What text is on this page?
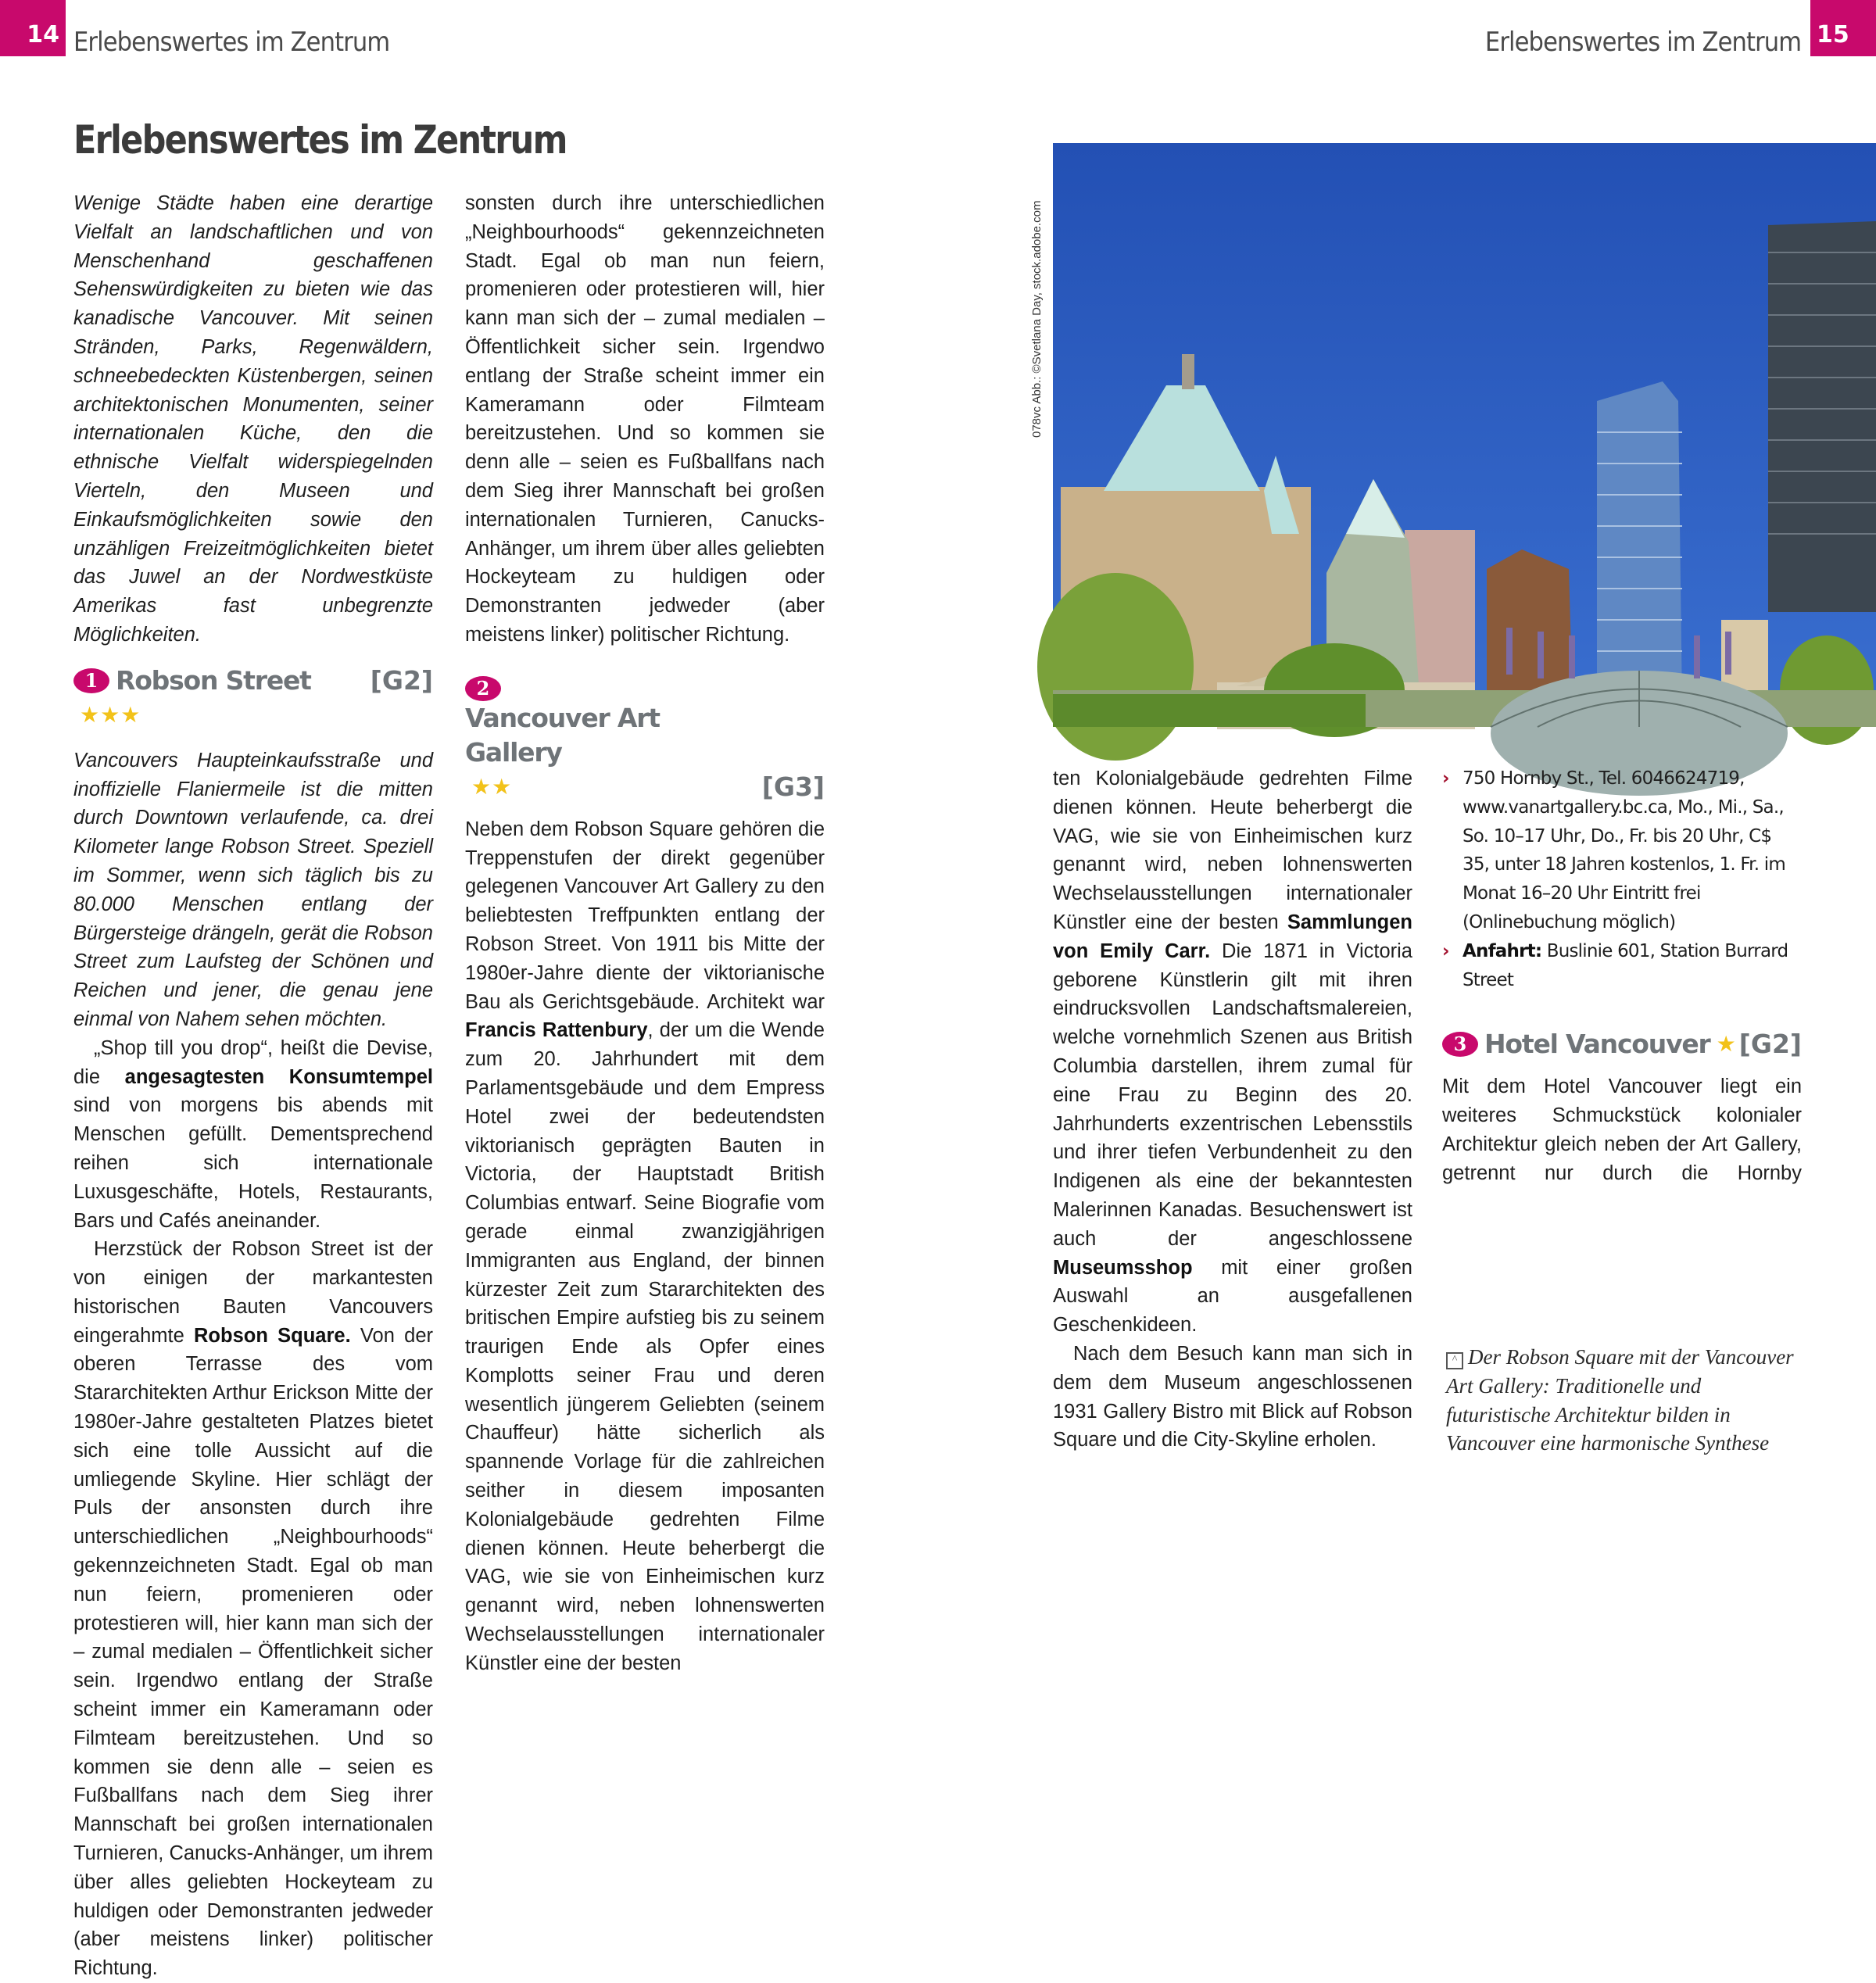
14 Erlebenswertes im Zentrum	Erlebenswertes im Zentrum 15
Erlebenswertes im Zentrum

Wenige Städte haben eine derartige Vielfalt an landschaftlichen und von Menschenhand geschaffenen Sehenswürdigkeiten zu bieten wie das kanadische Vancouver. Mit seinen Stränden, Parks, Regenwäldern, schneebedeckten Küstenbergen, seinen architektonischen Monumenten, seiner internationalen Küche, den die ethnische Vielfalt widerspiegelnden Vierteln, den Museen und Einkaufsmöglichkeiten sowie den unzähligen Freizeitmöglichkeiten bietet das Juwel an der Nordwestküste Amerikas fast unbegrenzte Möglichkeiten.

1 Robson Street
★★★
[G2]

Vancouvers Haupteinkaufsstraße und inoffizielle Flaniermeile ist die mitten durch Downtown verlaufende, ca. drei Kilometer lange Robson Street. Speziell im Sommer, wenn sich täglich bis zu 80.000 Menschen entlang der Bürgersteige drängeln, gerät die Robson Street zum Laufsteg der Schönen und Reichen und jener, die genau jene einmal von Nahem sehen möchten.

„Shop till you drop“, heißt die Devise, die angesagtesten Konsumtempel sind von morgens bis abends mit Menschen gefüllt. Dementsprechend reihen sich internationale Luxusgeschäfte, Hotels, Restaurants, Bars und Cafés aneinander.

Herzstück der Robson Street ist der von einigen der markantesten historischen Bauten Vancouvers eingerahmte Robson Square. Von der oberen Terrasse des vom Stararchitekten Arthur Erickson Mitte der 1980er-Jahre gestalteten Platzes bietet sich eine tolle Aussicht auf die umliegende Skyline. Hier schlägt der Puls der ansonsten durch ihre unterschiedlichen „Neighbourhoods“ gekennzeichneten Stadt. Egal ob man nun feiern, promenieren oder protestieren will, hier kann man sich der – zumal medialen – Öffentlichkeit sicher sein. Irgendwo entlang der Straße scheint immer ein Kameramann oder Filmteam bereitzustehen. Und so kommen sie denn alle – seien es Fußballfans nach dem Sieg ihrer Mannschaft bei großen internationalen Turnieren, Canucks-Anhänger, um ihrem über alles geliebten Hockeyteam zu huldigen oder Demonstranten jedweder (aber meistens linker) politischer Richtung.

sonsten durch ihre unterschiedlichen „Neighbourhoods“ gekennzeichneten Stadt. Egal ob man nun feiern, promenieren oder protestieren will, hier kann man sich der – zumal medialen – Öffentlichkeit sicher sein. Irgendwo entlang der Straße scheint immer ein Kameramann oder Filmteam bereitzustehen. Und so kommen sie denn alle – seien es Fußballfans nach dem Sieg ihrer Mannschaft bei großen internationalen Turnieren, Canucks-Anhänger, um ihrem über alles geliebten Hockeyteam zu huldigen oder Demonstranten jedweder (aber meistens linker) politischer Richtung.

2
Vancouver Art Gallery
★★	[G3]

Neben dem Robson Square gehören die Treppenstufen der direkt gegenüber gelegenen Vancouver Art Gallery zu den beliebtesten Treffpunkten entlang der Robson Street. Von 1911 bis Mitte der 1980er-Jahre diente der viktorianische Bau als Gerichtsgebäude. Architekt war Francis Rattenbury, der um die Wende zum 20. Jahrhundert mit dem Parlamentsgebäude und dem Empress Hotel zwei der bedeutendsten viktorianisch geprägten Bauten in Victoria, der Hauptstadt British Columbias entwarf. Seine Biografie vom gerade einmal zwanzigjährigen Immigranten aus England, der binnen kürzester Zeit zum Stararchitekten des britischen Empire aufstieg bis zu seinem traurigen Ende als Opfer eines Komplotts seiner Frau und deren wesentlich jüngerem Geliebten (seinem Chauffeur) hätte sicherlich als spannende Vorlage für die zahlreichen seither in diesem imposanten Kolonialgebäude gedrehten Filme dienen können. Heute beherbergt die VAG, wie sie von Einheimischen kurz genannt wird, neben lohnenswerten Wechselausstellungen internationaler Künstler eine der besten

078vc Abb.: ©Svetlana Day, stock.adobe.com

ten Kolonialgebäude gedrehten Filme dienen können. Heute beherbergt die VAG, wie sie von Einheimischen kurz genannt wird, neben lohnenswerten Wechselausstellungen internationaler Künstler eine der besten Sammlungen von Emily Carr. Die 1871 in Victoria geborene Künstlerin gilt mit ihren eindrucksvollen Landschaftsmalereien, welche vornehmlich Szenen aus British Columbia darstellen, ihrem zumal für eine Frau zu Beginn des 20. Jahrhunderts exzentrischen Lebensstils und ihrer tiefen Verbundenheit zu den Indigenen als eine der bekanntesten Malerinnen Kanadas. Besuchenswert ist auch der angeschlossene Museumsshop mit einer großen Auswahl an ausgefallenen Geschenkideen.

Nach dem Besuch kann man sich in dem dem Museum angeschlossenen 1931 Gallery Bistro mit Blick auf Robson Square und die City-Skyline erholen.

› 750 Hornby St., Tel. 6046624719, www.vanartgallery.bc.ca, Mo., Mi., Sa., So. 10–17 Uhr, Do., Fr. bis 20 Uhr, C$ 35, unter 18 Jahren kostenlos, 1. Fr. im Monat 16–20 Uhr Eintritt frei (Onlinebuchung möglich)
› Anfahrt: Buslinie 601, Station Burrard Street
3 Hotel Vancouver ★ [G2]

Mit dem Hotel Vancouver liegt ein weiteres Schmuckstück kolonialer Architektur gleich neben der Art Gallery, getrennt nur durch die Hornby

^ Der Robson Square mit der Vancouver Art Gallery: Traditionelle und futuristische Architektur bilden in Vancouver eine harmonische Synthese
